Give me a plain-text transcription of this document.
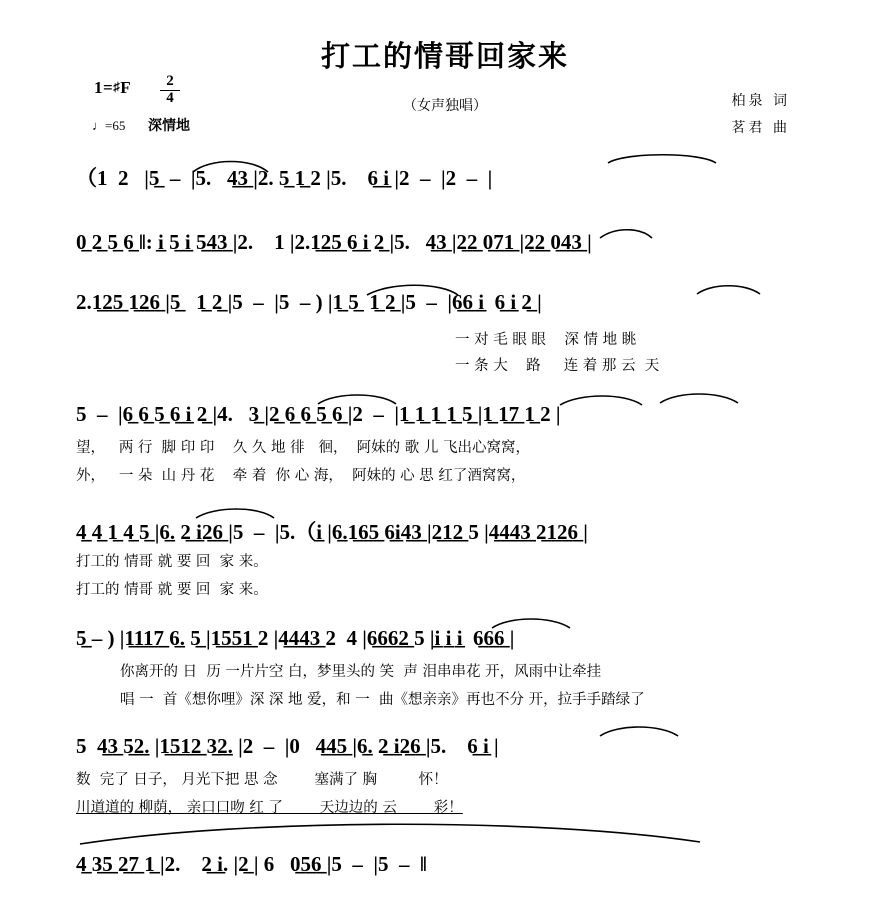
打工的情哥回家来
1=♯F $\frac{2}{4}$
♩=65 深情地
（女声独唱）	柏泉 词
茗君 曲
（1  2   |5̲  –  |5.   4̲3̲ |2. 5̲ 1̲ 2 |5.    6̲ i̲ |2  –  |2  –  |
0̲ 2̲ 5̲ 6̲ ‖: i̲ 5̲ i̲ 5̲4̲3̲ |2.    1 |2.1̲2̲5̲ 6̲ i̲ 2̲ |5.   4̲3̲ |2̲2̲ 0̲7̲1̲ |2̲2̲ 0̲4̲3̲ |
2.1̲2̲5̲ 1̲2̲6̲ |5̲   1̲ 2̲ |5  –  |5  – ) |1̲ 5̲  1̲ 2̲ |5  –  |6̲6̲ i̲  6̲ i̲ 2̲ |
一 对 毛 眼 眼    深 情 地 眺
一 条 大    路     连 着 那 云  天
5  –  |6̲ 6̲ 5̲ 6̲ i̲ 2̲ |4.   3̲ |2̲ 6̲ 6̲ 5̲ 6̲ |2  –  |1̲ 1̲ 1̲ 1̲ 5̲ |1̲ 1̲7̲ 1̲ 2 |
望，   两 行  脚 印 印    久 久 地 徘   徊，  阿妹的 歌 儿 飞出心窝窝，
外，   一 朵  山 丹 花    牵 着  你 心 海，  阿妹的 心 思 红了酒窝窝，
4̲ 4̲ 1̲ 4̲ 5̲ |6̲. 2̲ i̲2̲6̲ |5  –  |5.（i̲ |6̲.1̲6̲5̲ 6̲i̲4̲3̲ |2̲1̲2̲ 5 |4̲4̲4̲3̲ 2̲1̲2̲6̲ |
打工的 情哥 就 要 回  家 来。
打工的 情哥 就 要 回  家 来。
5̲ – ) |1̲1̲1̲7̲ 6̲. 5̲ |1̲5̲5̲1̲ 2 |4̲4̲4̲3̲ 2  4 |6̲6̲6̲2̲ 5 |i̲ i̲ i̲  6̲6̲6̲ |
你离开的 日  历 一片片空 白，梦里头的 笑  声 泪串串花 开，风雨中让牵挂
唱 一  首《想你哩》深 深 地 爱，和 一  曲《想亲亲》再也不分 开，拉手手踏绿了
5  4̲3̲ 5̲2̲. |1̲5̲1̲2̲ 3̲2̲. |2  –  |0   4̲4̲5̲ |6̲. 2̲ i̲2̲6̲ |5.    6̲ i̲ |
数  完了 日子， 月光下把 思 念        塞满了 胸         怀！
川道道的 柳荫， 亲口口吻 红 了        天边边的 云        彩！
4̲ 3̲5̲ 2̲7̲ 1̲ |2.    2̲ i̲. |2̲ | 6   0̲5̲6̲ |5  –  |5  –  ‖
